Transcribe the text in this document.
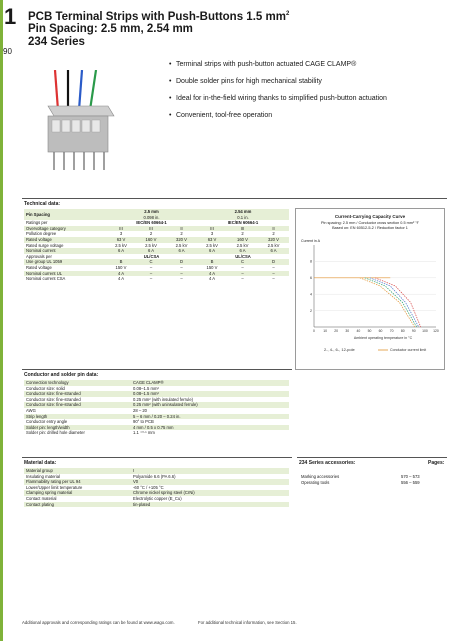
1
90
PCB Terminal Strips with Push-Buttons 1.5 $mm^2$
Pin Spacing: 2.5 mm, 2.54 mm
234 Series
• Terminal strips with push-button actuated CAGE CLAMP®
• Double solder pins for high mechanical stability
• Ideal for in-the-field wiring thanks to simplified push-button actuation
• Convenient, tool-free operation
Technical data:
Pin Spacing	2.5 mm			2.54 mm		
	0.098 in.			0.1 in.		
Ratings per	IEC/EN 60664-1			IEC/EN 60664-1		
Overvoltage category	III	III	II	III	III	II
Pollution degree	3	2	2	3	2	2
Rated voltage	63 V	160 V	320 V	63 V	160 V	320 V
Rated surge voltage	2.5 kV	2.5 kV	2.5 kV	2.5 kV	2.5 kV	2.5 kV
Nominal current	6 A	6 A	6 A	6 A	6 A	6 A
Approvals per	UL/CSA			UL/CSA		
Use group UL 1059	B	C	D	B	C	D
Rated voltage	150 V	–	–	150 V	–	–
Nominal current UL	4 A	–	–	4 A	–	–
Nominal current CSA	4 A	–	–	4 A	–	–
Current-Carrying Capacity Curve
Pin spacing: 2.5 mm / Conductor cross section 0.5 mm² "f"
Based on: EN 60512-5-2 / Reduction factor 1
Current in A
2
4
6
8
0 10 20 30 40 50 60 70 80 90 100 120
Ambient operating temperature in °C
2-, 4-, 6-, 12-pole	Conductor current limit
Conductor and solder pin data:
Connection technology	CAGE CLAMP®
Conductor size: solid	0.08–1.5 mm²
Conductor size: fine-stranded	0.08–1.5 mm²
Conductor size: fine-stranded	0.25 mm² (with insulated ferrule)
Conductor size: fine-stranded	0.25 mm² (with uninsulated ferrule)
AWG	28 – 20
Strip length	5 – 6 mm / 0.20 – 0.24 in.
Conductor entry angle	90° to PCB
Solder pin: length/width	4 mm / 0.5 x 0.75 mm
Solder pin: drilled hole diameter	1.1 ⁺⁰·¹ mm
Material data:
Material group	I
Insulating material	Polyamide 6.6 (PA 6.6)
Flammability rating per UL 94	V0
Lower/Upper limit temperature	-60 °C / +105 °C
Clamping spring material	Chrome nickel spring steel (CrNi)
Contact material	Electrolytic copper (E_Cu)
Contact plating	tin-plated
234 Series accessories:	Pages:
Marking accessories	570 – 573
Operating tools	556 – 559
Additional approvals and corresponding ratings can be found at www.wago.com.	For additional technical information, see Section 15.
